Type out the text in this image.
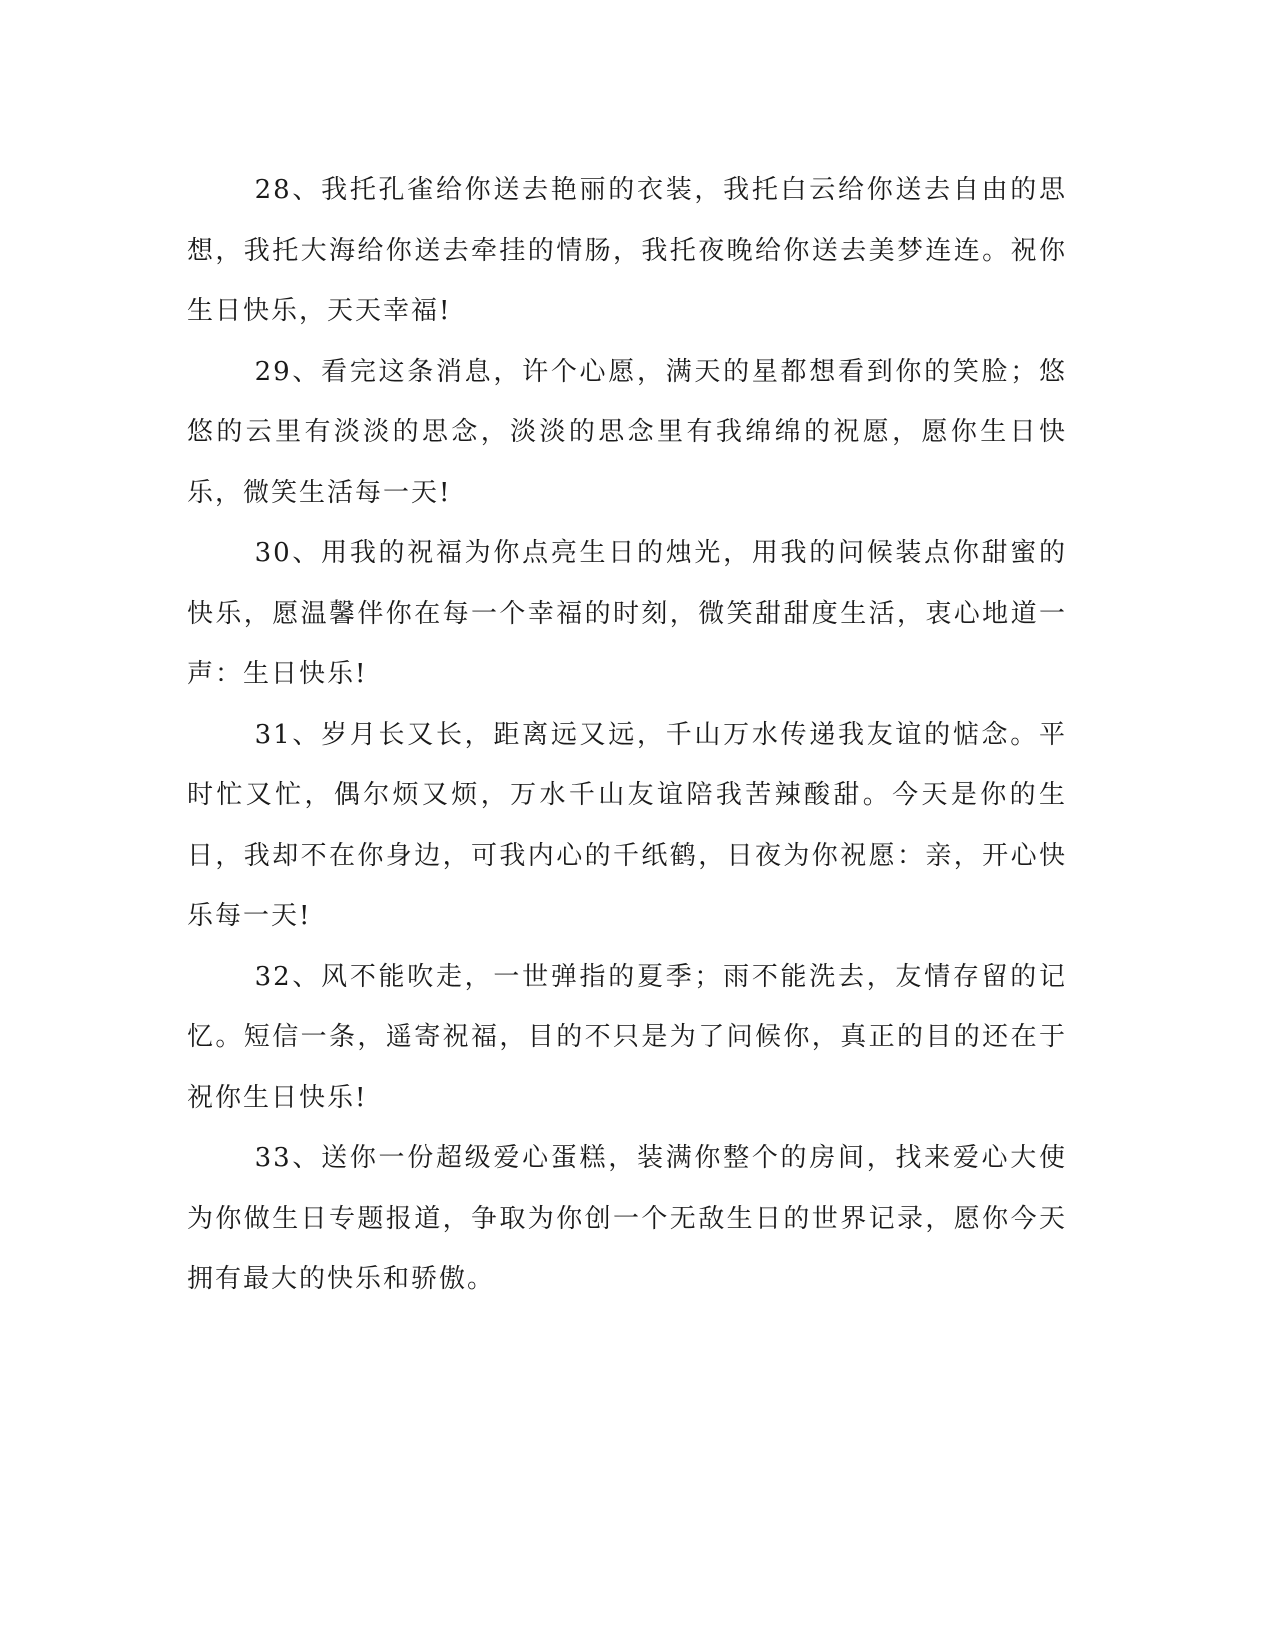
28、我托孔雀给你送去艳丽的衣装，我托白云给你送去自由的思想，我托大海给你送去牵挂的情肠，我托夜晚给你送去美梦连连。祝你生日快乐，天天幸福!

29、看完这条消息，许个心愿，满天的星都想看到你的笑脸；悠悠的云里有淡淡的思念，淡淡的思念里有我绵绵的祝愿，愿你生日快乐，微笑生活每一天!

30、用我的祝福为你点亮生日的烛光，用我的问候装点你甜蜜的快乐，愿温馨伴你在每一个幸福的时刻，微笑甜甜度生活，衷心地道一声：生日快乐!

31、岁月长又长，距离远又远，千山万水传递我友谊的惦念。平时忙又忙，偶尔烦又烦，万水千山友谊陪我苦辣酸甜。今天是你的生日，我却不在你身边，可我内心的千纸鹤，日夜为你祝愿：亲，开心快乐每一天!

32、风不能吹走，一世弹指的夏季；雨不能洗去，友情存留的记忆。短信一条，遥寄祝福，目的不只是为了问候你，真正的目的还在于祝你生日快乐!

33、送你一份超级爱心蛋糕，装满你整个的房间，找来爱心大使为你做生日专题报道，争取为你创一个无敌生日的世界记录，愿你今天拥有最大的快乐和骄傲。
